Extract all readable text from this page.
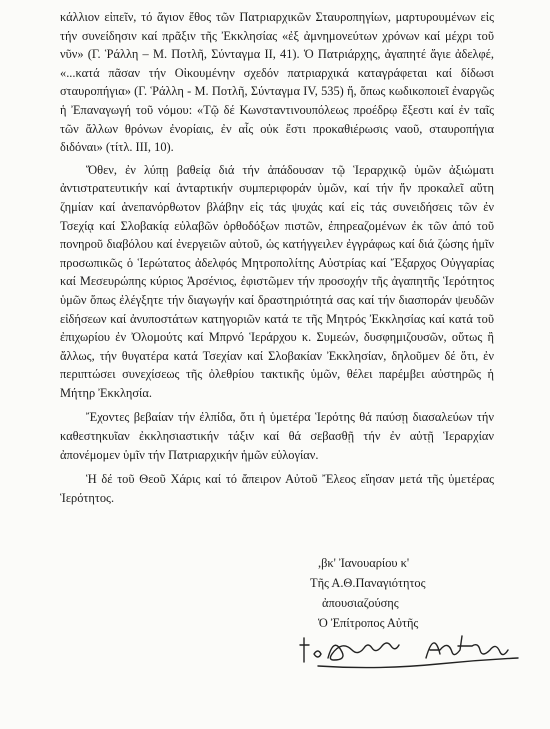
κάλλιον εἰπεῖν, τό ἅγιον ἔθος τῶν Πατριαρχικῶν Σταυροπηγίων, μαρτυρουμένων εἰς τήν συνείδησιν καί πρᾶξιν τῆς Ἐκκλησίας «ἐξ ἀμνημονεύτων χρόνων καί μέχρι τοῦ νῦν» (Γ. Ῥάλλη – Μ. Ποτλῆ, Σύνταγμα ΙΙ, 41). Ὁ Πατριάρχης, ἀγαπητέ ἅγιε ἀδελφέ, «...κατά πᾶσαν τήν Οἰκουμένην σχεδόν πατριαρχικά καταγράφεται καί δίδωσι σταυροπήγια» (Γ. Ῥάλλη - Μ. Ποτλῆ, Σύνταγμα IV, 535) ἤ, ὅπως κωδικοποιεῖ ἐναργῶς ἡ Ἐπαναγωγή τοῦ νόμου: «Τῷ δέ Κωνσταντινουπόλεως προέδρῳ ἔξεστι καί ἐν ταῖς τῶν ἄλλων θρόνων ἐνορίαις, ἐν αἷς οὐκ ἔστι προκαθιέρωσις ναοῦ, σταυροπήγια διδόναι» (τίτλ. ΙΙΙ, 10).

Ὅθεν, ἐν λύπῃ βαθείᾳ διά τήν ἀπάδουσαν τῷ Ἱεραρχικῷ ὑμῶν ἀξιώματι ἀντιστρατευτικήν καί ἀνταρτικήν συμπεριφοράν ὑμῶν, καί τήν ἤν προκαλεῖ αὕτη ζημίαν καί ἀνεπανόρθωτον βλάβην εἰς τάς ψυχάς καί εἰς τάς συνειδήσεις τῶν ἐν Τσεχίᾳ καί Σλοβακίᾳ εὐλαβῶν ὀρθοδόξων πιστῶν, ἐπηρεαζομένων ἐκ τῶν ἀπό τοῦ πονηροῦ διαβόλου καί ἐνεργειῶν αὐτοῦ, ὡς κατήγγειλεν ἐγγράφως καί διά ζώσης ἡμῖν προσωπικῶς ὁ Ἱερώτατος ἀδελφός Μητροπολίτης Αὐστρίας καί Ἔξαρχος Οὐγγαρίας καί Μεσευρώπης κύριος Ἀρσένιος, ἐφιστῶμεν τήν προσοχήν τῆς ἀγαπητῆς Ἱερότητος ὑμῶν ὅπως ἐλέγξητε τήν διαγωγήν καί δραστηριότητά σας καί τήν διασποράν ψευδῶν εἰδήσεων καί ἀνυποστάτων κατηγοριῶν κατά τε τῆς Μητρός Ἐκκλησίας καί κατά τοῦ ἐπιχωρίου ἐν Ὀλομούτς καί Μπρνό Ἱεράρχου κ. Συμεών, δυσφημιζουσῶν, οὕτως ἢ ἄλλως, τήν θυγατέρα κατά Τσεχίαν καί Σλοβακίαν Ἐκκλησίαν, δηλοῦμεν δέ ὅτι, ἐν περιπτώσει συνεχίσεως τῆς ὀλεθρίου τακτικῆς ὑμῶν, θέλει παρέμβει αὐστηρῶς ἡ Μήτηρ Ἐκκλησία.

Ἔχοντες βεβαίαν τήν ἐλπίδα, ὅτι ἡ ὑμετέρα Ἱερότης θά παύσῃ διασαλεύων τήν καθεστηκυῖαν ἐκκλησιαστικήν τάξιν καί θά σεβασθῇ τήν ἐν αὐτῇ Ἱεραρχίαν ἀπονέμομεν ὑμῖν τήν Πατριαρχικήν ἡμῶν εὐλογίαν.

Ἡ δέ τοῦ Θεοῦ Χάρις καί τό ἄπειρον Αὐτοῦ Ἔλεος εἴησαν μετά τῆς ὑμετέρας Ἱερότητος.

,βκ' Ἰανουαρίου κ'
Τῆς Α.Θ.Παναγιότητος
ἀπουσιαζούσης
Ὁ Ἐπίτροπος Αὐτῆς
